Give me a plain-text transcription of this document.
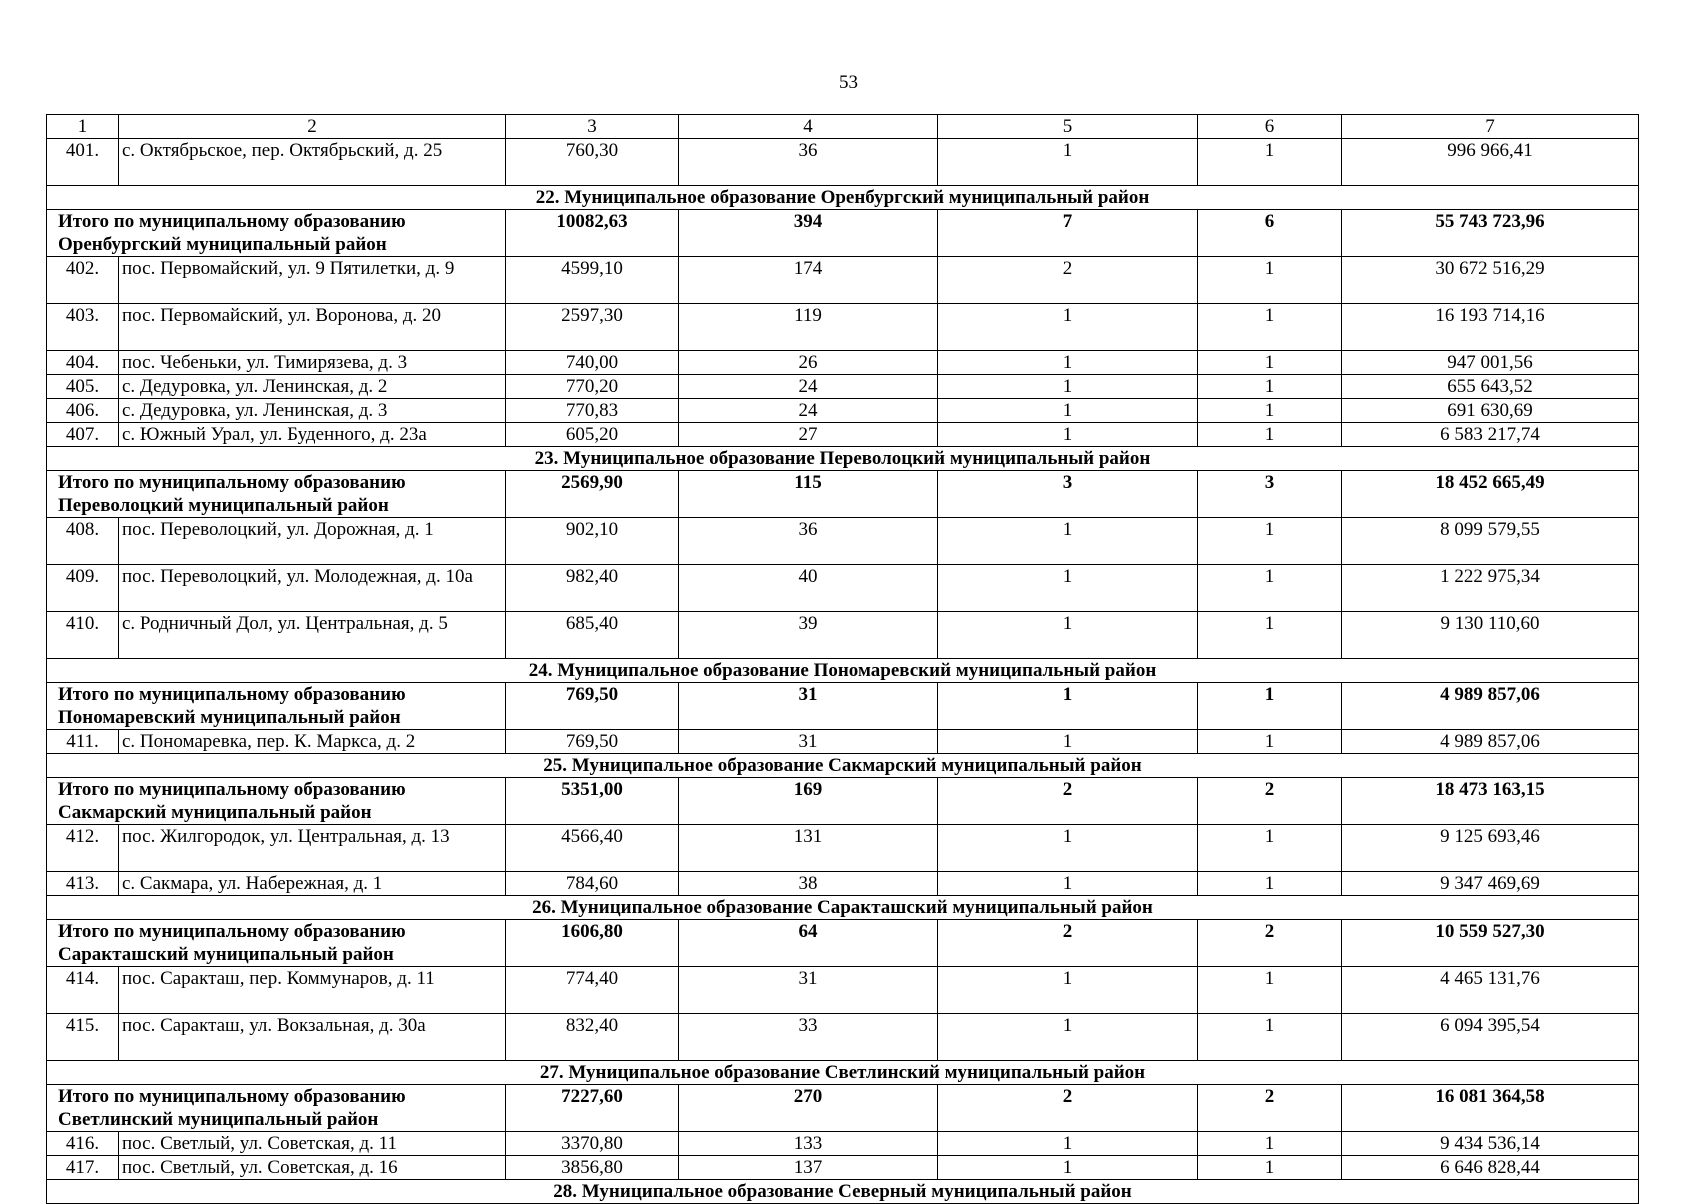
53
1	2	3	4	5	6	7
401.	с. Октябрьское, пер. Октябрьский, д. 25	760,30	36	1	1	996 966,41
22. Муниципальное образование Оренбургский муниципальный район						
Итого по муниципальному образованию Оренбургский муниципальный район		10082,63	394	7	6	55 743 723,96
402.	пос. Первомайский, ул. 9 Пятилетки, д. 9	4599,10	174	2	1	30 672 516,29
403.	пос. Первомайский, ул. Воронова, д. 20	2597,30	119	1	1	16 193 714,16
404.	пос. Чебеньки, ул. Тимирязева, д. 3	740,00	26	1	1	947 001,56
405.	с. Дедуровка, ул. Ленинская, д. 2	770,20	24	1	1	655 643,52
406.	с. Дедуровка, ул. Ленинская, д. 3	770,83	24	1	1	691 630,69
407.	с. Южный Урал, ул. Буденного, д. 23а	605,20	27	1	1	6 583 217,74
23. Муниципальное образование Переволоцкий муниципальный район						
Итого по муниципальному образованию Переволоцкий муниципальный район		2569,90	115	3	3	18 452 665,49
408.	пос. Переволоцкий, ул. Дорожная, д. 1	902,10	36	1	1	8 099 579,55
409.	пос. Переволоцкий, ул. Молодежная, д. 10а	982,40	40	1	1	1 222 975,34
410.	с. Родничный Дол, ул. Центральная, д. 5	685,40	39	1	1	9 130 110,60
24. Муниципальное образование Пономаревский муниципальный район						
Итого по муниципальному образованию Пономаревский муниципальный район		769,50	31	1	1	4 989 857,06
411.	с. Пономаревка, пер. К. Маркса, д. 2	769,50	31	1	1	4 989 857,06
25. Муниципальное образование Сакмарский муниципальный район						
Итого по муниципальному образованию Сакмарский муниципальный район		5351,00	169	2	2	18 473 163,15
412.	пос. Жилгородок, ул. Центральная, д. 13	4566,40	131	1	1	9 125 693,46
413.	с. Сакмара, ул. Набережная, д. 1	784,60	38	1	1	9 347 469,69
26. Муниципальное образование Саракташский муниципальный район						
Итого по муниципальному образованию Саракташский муниципальный район		1606,80	64	2	2	10 559 527,30
414.	пос. Саракташ, пер. Коммунаров, д. 11	774,40	31	1	1	4 465 131,76
415.	пос. Саракташ, ул. Вокзальная, д. 30а	832,40	33	1	1	6 094 395,54
27. Муниципальное образование Светлинский муниципальный район						
Итого по муниципальному образованию Светлинский муниципальный район		7227,60	270	2	2	16 081 364,58
416.	пос. Светлый, ул. Советская, д. 11	3370,80	133	1	1	9 434 536,14
417.	пос. Светлый, ул. Советская, д. 16	3856,80	137	1	1	6 646 828,44
28. Муниципальное образование Северный муниципальный район						
